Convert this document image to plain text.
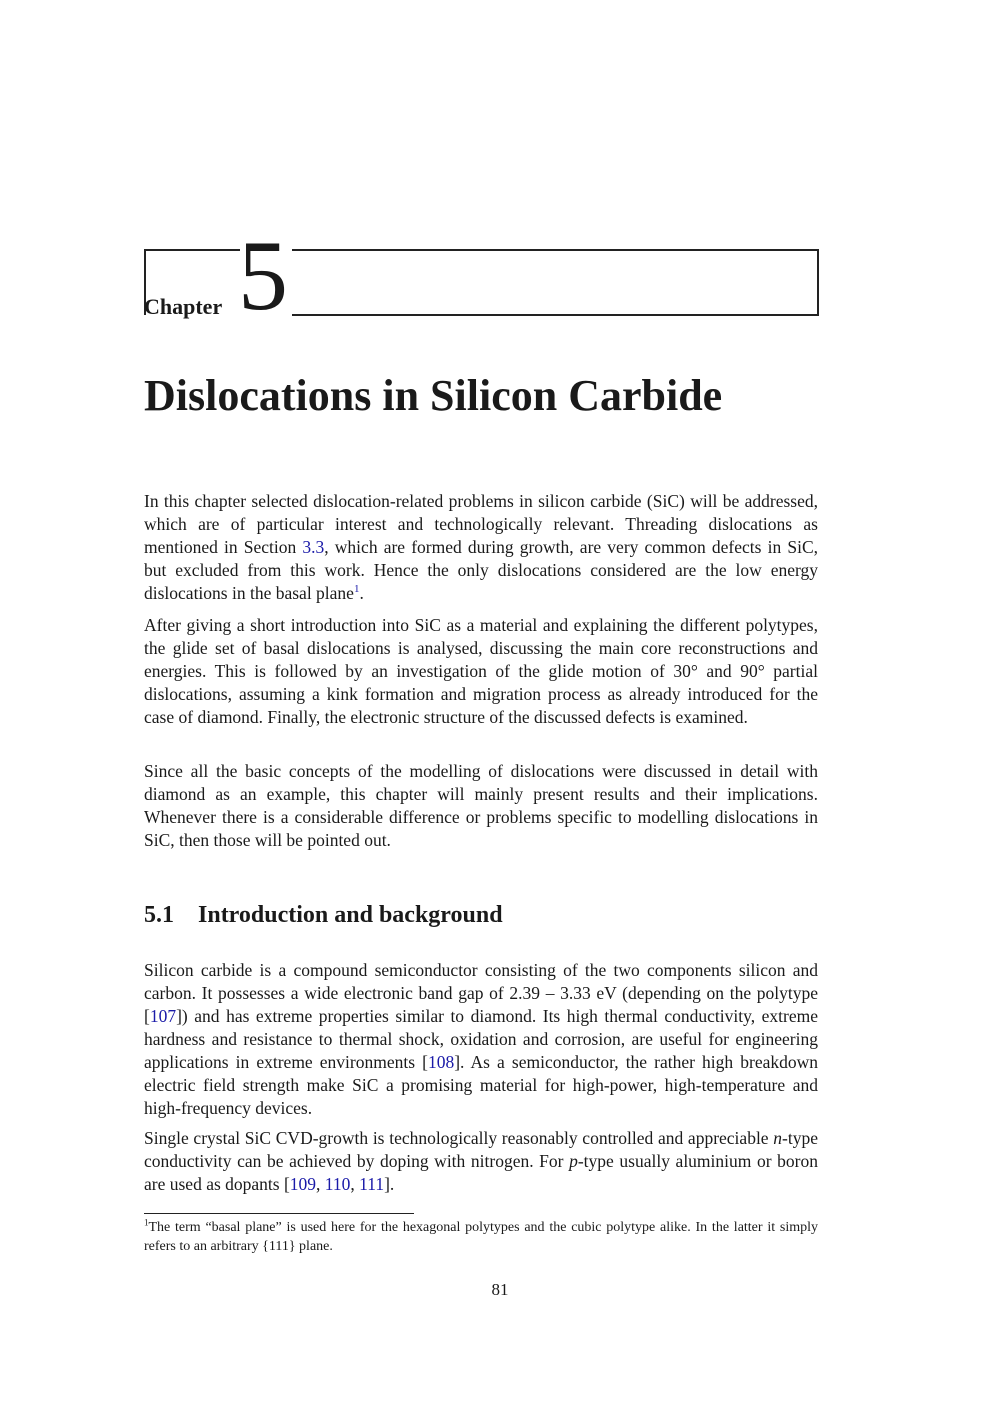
Chapter 5
Dislocations in Silicon Carbide

In this chapter selected dislocation-related problems in silicon carbide (SiC) will be addressed, which are of particular interest and technologically relevant. Threading dislocations as mentioned in Section 3.3, which are formed during growth, are very common defects in SiC, but excluded from this work. Hence the only dislocations considered are the low energy dislocations in the basal plane$^1$.

After giving a short introduction into SiC as a material and explaining the different polytypes, the glide set of basal dislocations is analysed, discussing the main core reconstructions and energies. This is followed by an investigation of the glide motion of 30° and 90° partial dislocations, assuming a kink formation and migration process as already introduced for the case of diamond. Finally, the electronic structure of the discussed defects is examined.

Since all the basic concepts of the modelling of dislocations were discussed in detail with diamond as an example, this chapter will mainly present results and their implications. Whenever there is a considerable difference or problems specific to modelling dislocations in SiC, then those will be pointed out.

5.1 Introduction and background

Silicon carbide is a compound semiconductor consisting of the two components silicon and carbon. It possesses a wide electronic band gap of 2.39 – 3.33 eV (depending on the polytype [107]) and has extreme properties similar to diamond. Its high thermal conductivity, extreme hardness and resistance to thermal shock, oxidation and corrosion, are useful for engineering applications in extreme environments [108]. As a semiconductor, the rather high breakdown electric field strength make SiC a promising material for high-power, high-temperature and high-frequency devices.

Single crystal SiC CVD-growth is technologically reasonably controlled and appreciable n-type conductivity can be achieved by doping with nitrogen. For p-type usually aluminium or boron are used as dopants [109, 110, 111].

$^1$The term “basal plane” is used here for the hexagonal polytypes and the cubic polytype alike. In the latter it simply refers to an arbitrary {111} plane.

81
